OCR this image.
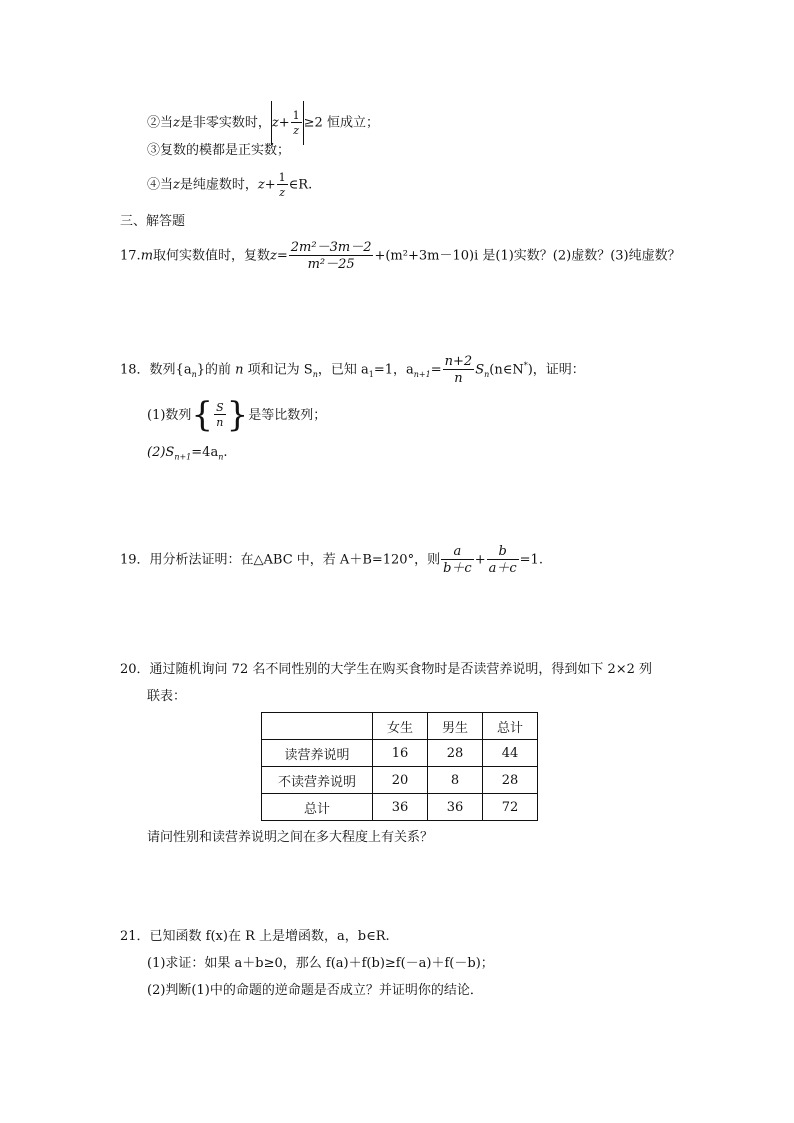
②当z是非零实数时，$z+ \frac{1}{z} \ge 2$ 恒成立；
③复数的模都是正实数；
④当z是纯虚数时，$z+ \frac{1}{z}$ ∈R.
三、解答题
17.m取何实数值时，复数$z= \frac{\text{2m²－3m－2}}{\text{m²－25}} +(m^2+3m-10)i$ 是(1)实数？(2)虚数？(3)纯虚数？
18．数列$\{a_n\}$的前 n 项和记为 $S_n$，已知 $a_1=1$，$a_{n+1}= \frac{n+2}{n}$ $S_n(n\in N^*)$，证明：
(1)数列{ $\frac{S}{n}$ }是等比数列；
$(2)S_{n+1}=4a_n$.
19．用分析法证明：在△ABC 中，若 A＋B=120°，则 $\frac{a}{b+c} + \frac{b}{a+c} =1$.
20．通过随机询问 72 名不同性别的大学生在购买食物时是否读营养说明，得到如下 2×2 列
联表：
	女生	男生	总计
读营养说明	16	28	44
不读营养说明	20	8	28
总计	36	36	72
请问性别和读营养说明之间在多大程度上有关系？
21．已知函数 f(x)在 R 上是增函数，a，b∈R.
(1)求证：如果 a＋b≥0，那么 f(a)＋f(b)≥f(－a)＋f(－b)；
(2)判断(1)中的命题的逆命题是否成立？并证明你的结论．
